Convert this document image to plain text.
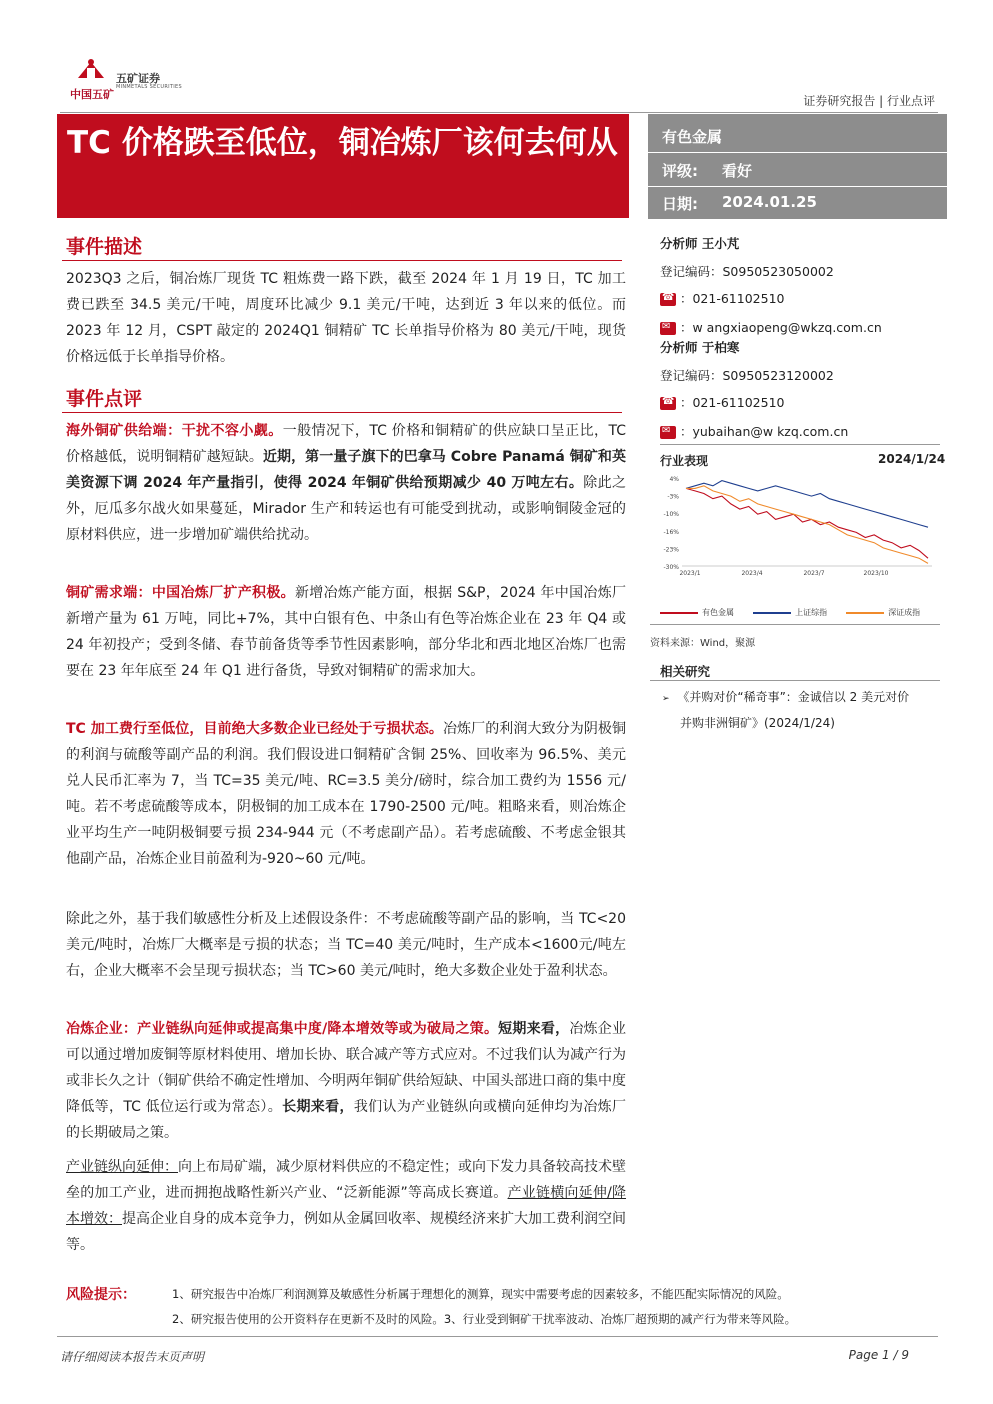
中国五矿
五矿证券
MINMETALS SECURITIES
证券研究报告 | 行业点评
TC 价格跌至低位，铜冶炼厂该何去何从	有色金属
评级: 看好
日期: 2024.01.25
分析师 王小芃
登记编码：S0950523050002
☎ ：021-61102510
✉ ：w angxiaopeng@wkzq.com.cn
分析师 于柏寒
登记编码：S0950523120002
☎ ：021-61102510
✉ ：yubaihan@w kzq.com.cn
行业表现	2024/1/24
4%
-3%
-10%
-16%
-23%
-30%
2023/1	2023/4	2023/7	2023/10
有色金属	上证综指	深证成指
资料来源：Wind，聚源
相关研究
➢ 《并购对价“稀奇事”：金诚信以 2 美元对价
并购非洲铜矿》(2024/1/24)
事件描述
2023Q3 之后，铜冶炼厂现货 TC 粗炼费一路下跌，截至 2024 年 1 月 19 日，TC 加工费已跌至 34.5 美元/干吨，周度环比减少 9.1 美元/干吨，达到近 3 年以来的低位。而 2023 年 12 月，CSPT 敲定的 2024Q1 铜精矿 TC 长单指导价格为 80 美元/干吨，现货价格远低于长单指导价格。
事件点评
海外铜矿供给端：干扰不容小觑。一般情况下，TC 价格和铜精矿的供应缺口呈正比，TC 价格越低，说明铜精矿越短缺。近期，第一量子旗下的巴拿马 Cobre Panamá 铜矿和英美资源下调 2024 年产量指引，使得 2024 年铜矿供给预期减少 40 万吨左右。除此之外，厄瓜多尔战火如果蔓延，Mirador 生产和转运也有可能受到扰动，或影响铜陵金冠的原材料供应，进一步增加矿端供给扰动。
铜矿需求端：中国冶炼厂扩产积极。新增冶炼产能方面，根据 S&P，2024 年中国冶炼厂新增产量为 61 万吨，同比+7%，其中白银有色、中条山有色等冶炼企业在 23 年 Q4 或 24 年初投产；受到冬储、春节前备货等季节性因素影响，部分华北和西北地区冶炼厂也需要在 23 年年底至 24 年 Q1 进行备货，导致对铜精矿的需求加大。
TC 加工费行至低位，目前绝大多数企业已经处于亏损状态。冶炼厂的利润大致分为阴极铜的利润与硫酸等副产品的利润。我们假设进口铜精矿含铜 25%、回收率为 96.5%、美元兑人民币汇率为 7，当 TC=35 美元/吨、RC=3.5 美分/磅时，综合加工费约为 1556 元/吨。若不考虑硫酸等成本，阴极铜的加工成本在 1790-2500 元/吨。粗略来看，则冶炼企业平均生产一吨阴极铜要亏损 234-944 元（不考虑副产品）。若考虑硫酸、不考虑金银其他副产品，冶炼企业目前盈利为-920~60 元/吨。
除此之外，基于我们敏感性分析及上述假设条件：不考虑硫酸等副产品的影响，当 TC<20 美元/吨时，冶炼厂大概率是亏损的状态；当 TC=40 美元/吨时，生产成本<1600元/吨左右，企业大概率不会呈现亏损状态；当 TC>60 美元/吨时，绝大多数企业处于盈利状态。
冶炼企业：产业链纵向延伸或提高集中度/降本增效等或为破局之策。短期来看，冶炼企业可以通过增加废铜等原材料使用、增加长协、联合减产等方式应对。不过我们认为减产行为或非长久之计（铜矿供给不确定性增加、今明两年铜矿供给短缺、中国头部进口商的集中度降低等，TC 低位运行或为常态）。长期来看，我们认为产业链纵向或横向延伸均为冶炼厂的长期破局之策。
产业链纵向延伸：向上布局矿端，减少原材料供应的不稳定性；或向下发力具备较高技术壁垒的加工产业，进而拥抱战略性新兴产业、“泛新能源”等高成长赛道。产业链横向延伸/降本增效：提高企业自身的成本竞争力，例如从金属回收率、规模经济来扩大加工费利润空间等。
风险提示：	1、研究报告中冶炼厂利润测算及敏感性分析属于理想化的测算，现实中需要考虑的因素较多，不能匹配实际情况的风险。
2、研究报告使用的公开资料存在更新不及时的风险。3、行业受到铜矿干扰率波动、冶炼厂超预期的减产行为带来等风险。
请仔细阅读本报告末页声明	Page 1 / 9
